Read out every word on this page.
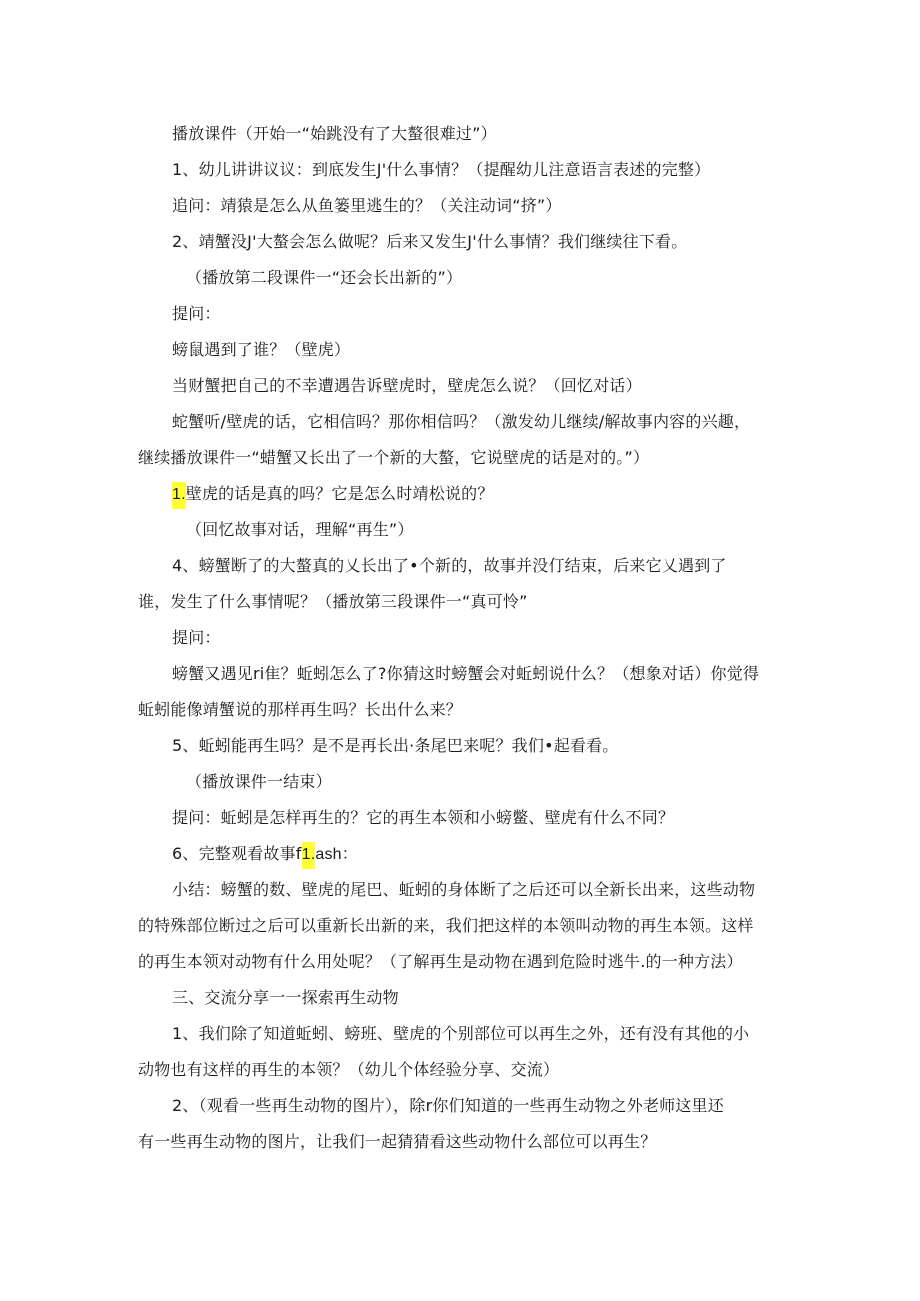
播放课件（开始一“始跳没有了大螯很难过”）
1、幼儿讲讲议议：到底发生J'什么事情？（提醒幼儿注意语言表述的完整）
追问：靖猿是怎么从鱼篓里逃生的？（关注动词“挤”）
2、靖蟹没J'大螯会怎么做呢？后来又发生J'什么事情？我们继续往下看。
（播放第二段课件一“还会长出新的”）
提问：
螃鼠遇到了谁？（壁虎）
当财蟹把自己的不幸遭遇告诉壁虎时，壁虎怎么说？（回忆对话）
蛇蟹听/壁虎的话，它相信吗？那你相信吗？（激发幼儿继续/解故事内容的兴趣，
继续播放课件一“蜡蟹又长出了一个新的大螯，它说壁虎的话是对的。”）
1.壁虎的话是真的吗？它是怎么时靖松说的？
（回忆故事对话，理解“再生”）
4、螃蟹断了的大螯真的乂长出了•个新的，故事并没仃结束，后来它乂遇到了
谁，发生了什么事情呢？（播放第三段课件一“真可怜”
提问：
螃蟹又遇见ri隹？蚯蚓怎么了?你猜这时螃蟹会对蚯蚓说什么？（想象对话）你觉得
蚯蚓能像靖蟹说的那样再生吗？长出什么来？
5、蚯蚓能再生吗？是不是再长出·条尾巴来呢？我们•起看看。
（播放课件一结束）
提问：蚯蚓是怎样再生的？它的再生本领和小螃鳖、壁虎有什么不同？
6、完整观看故事f1.ash：
小结：螃蟹的数、壁虎的尾巴、蚯蚓的身体断了之后还可以全新长出来，这些动物
的特殊部位断过之后可以重新长出新的来，我们把这样的本领叫动物的再生本领。这样
的再生本领对动物有什么用处呢？（了解再生是动物在遇到危险时逃牛.的一种方法）
三、交流分享一一探索再生动物
1、我们除了知道蚯蚓、螃班、壁虎的个别部位可以再生之外，还有没有其他的小
动物也有这样的再生的本领？（幼儿个体经验分享、交流）
2、（观看一些再生动物的图片），除r你们知道的一些再生动物之外老师这里还
有一些再生动物的图片，让我们一起猜猜看这些动物什么部位可以再生？
